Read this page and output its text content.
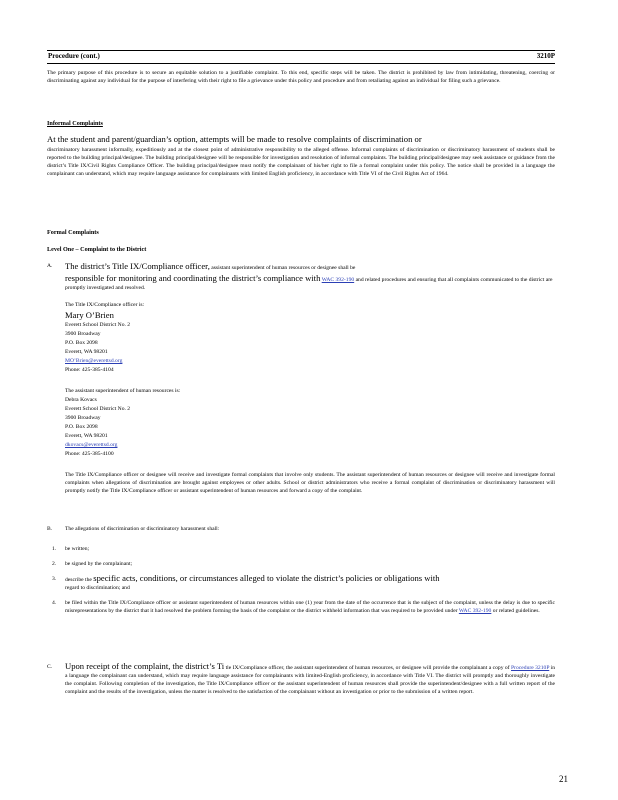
Procedure (cont.)	3210P
The primary purpose of this procedure is to secure an equitable solution to a justifiable complaint. To this end, specific steps will be taken. The district is prohibited by law from intimidating, threatening, coercing or discriminating against any individual for the purpose of interfering with their right to file a grievance under this policy and procedure and from retaliating against an individual for filing such a grievance.
Informal Complaints
At the student and parent/guardian’s option, attempts will be made to resolve complaints of discrimination or
discriminatory harassment informally, expeditiously and at the closest point of administrative responsibility to the alleged offense. Informal complaints of discrimination or discriminatory harassment of students shall be reported to the building principal/designee. The building principal/designee will be responsible for investigation and resolution of informal complaints. The building principal/designee may seek assistance or guidance from the district’s Title IX/Civil Rights Compliance Officer. The building principal/designee must notify the complainant of his/her right to file a formal complaint under this policy. The notice shall be provided in a language the complainant can understand, which may require language assistance for complainants with limited English proficiency, in accordance with Title VI of the Civil Rights Act of 1964.
Formal Complaints
Level One – Complaint to the District
A. The district’s Title IX/Compliance officer, assistant superintendent of human resources or designee shall be
responsible for monitoring and coordinating the district’s compliance with WAC 392-190 and related procedures and ensuring that all complaints communicated to the district are promptly investigated and resolved.
The Title IX/Compliance officer is:
Mary O’Brien
Everett School District No. 2
3900 Broadway
P.O. Box 2098
Everett, WA 98201
MO’Brien@everettsd.org
Phone: 425-385-4104
The assistant superintendent of human resources is:
Debra Kovacs
Everett School District No. 2
3900 Broadway
P.O. Box 2098
Everett, WA 98201
dkovacs@everettsd.org
Phone: 425-385-4100
The Title IX/Compliance officer or designee will receive and investigate formal complaints that involve only students. The assistant superintendent of human resources or designee will receive and investigate formal complaints when allegations of discrimination are brought against employees or other adults. School or district administrators who receive a formal complaint of discrimination or discriminatory harassment will promptly notify the Title IX/Compliance officer or assistant superintendent of human resources and forward a copy of the complaint.
B. The allegations of discrimination or discriminatory harassment shall:
1. be written;
2. be signed by the complainant;
3. describe the specific acts, conditions, or circumstances alleged to violate the district’s policies or obligations with
regard to discrimination; and
4. be filed within the Title IX/Compliance officer or assistant superintendent of human resources within one (1) year from the date of the occurrence that is the subject of the complaint, unless the delay is due to specific misrepresentations by the district that it had resolved the problem forming the basis of the complaint or the district withheld information that was required to be provided under WAC 392-190 or related guidelines.
C. Upon receipt of the complaint, the district’s Ti tle IX/Compliance officer, the assistant superintendent of human resources, or designee will provide the complainant a copy of Procedure 3210P in a language the complainant can understand, which may require language assistance for complainants with limited-English proficiency, in accordance with Title VI. The district will promptly and thoroughly investigate the complaint. Following completion of the investigation, the Title IX/Compliance officer or the assistant superintendent of human resources shall provide the superintendent/designee with a full written report of the complaint and the results of the investigation, unless the matter is resolved to the satisfaction of the complainant without an investigation or prior to the submission of a written report.
21
